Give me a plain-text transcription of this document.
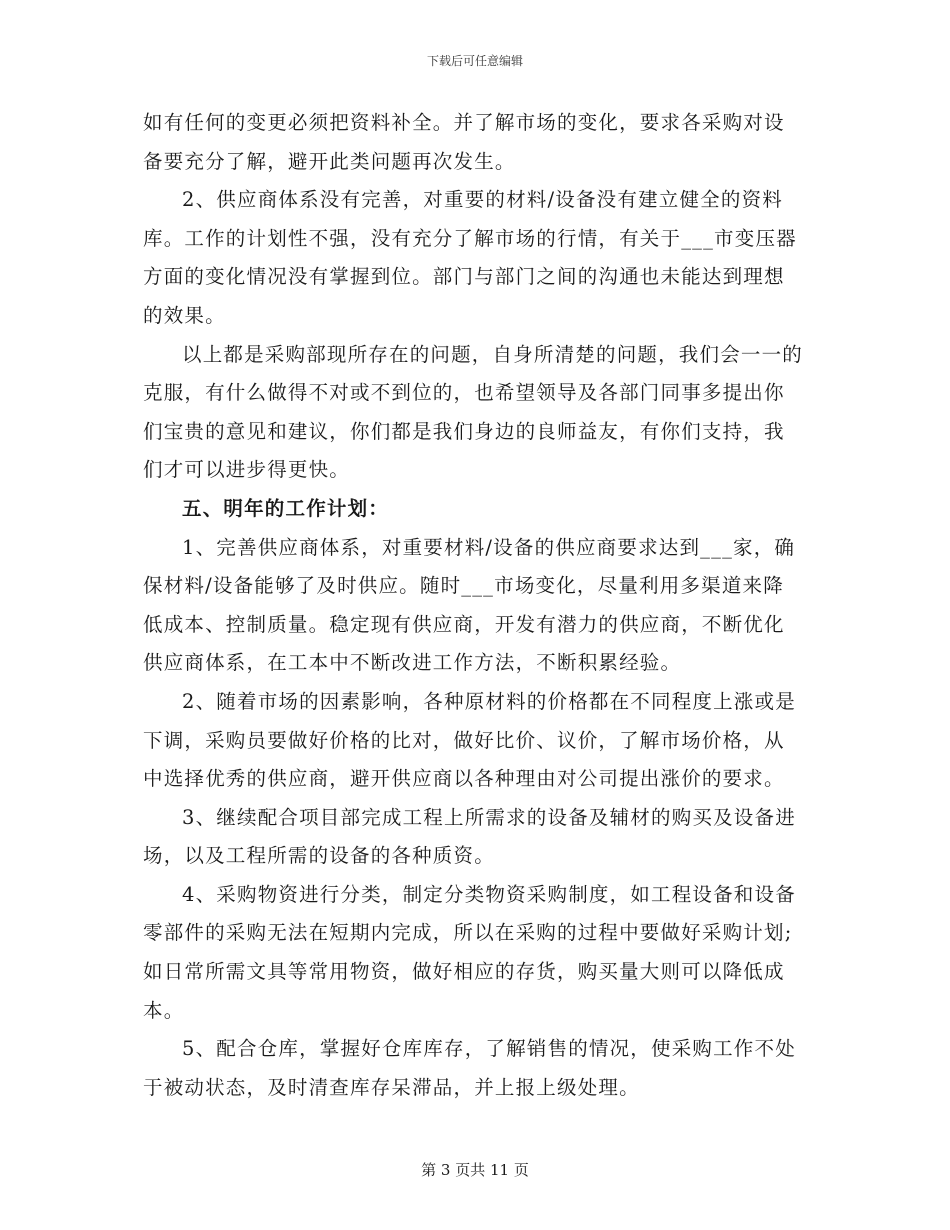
下载后可任意编辑

如有任何的变更必须把资料补全。并了解市场的变化，要求各采购对设备要充分了解，避开此类问题再次发生。

2、供应商体系没有完善，对重要的材料/设备没有建立健全的资料库。工作的计划性不强，没有充分了解市场的行情，有关于___市变压器方面的变化情况没有掌握到位。部门与部门之间的沟通也未能达到理想的效果。

以上都是采购部现所存在的问题，自身所清楚的问题，我们会一一的克服，有什么做得不对或不到位的，也希望领导及各部门同事多提出你们宝贵的意见和建议，你们都是我们身边的良师益友，有你们支持，我们才可以进步得更快。

五、明年的工作计划：

1、完善供应商体系，对重要材料/设备的供应商要求达到___家，确保材料/设备能够了及时供应。随时___市场变化，尽量利用多渠道来降低成本、控制质量。稳定现有供应商，开发有潜力的供应商，不断优化供应商体系，在工本中不断改进工作方法，不断积累经验。

2、随着市场的因素影响，各种原材料的价格都在不同程度上涨或是下调，采购员要做好价格的比对，做好比价、议价，了解市场价格，从中选择优秀的供应商，避开供应商以各种理由对公司提出涨价的要求。

3、继续配合项目部完成工程上所需求的设备及辅材的购买及设备进场，以及工程所需的设备的各种质资。

4、采购物资进行分类，制定分类物资采购制度，如工程设备和设备零部件的采购无法在短期内完成，所以在采购的过程中要做好采购计划;如日常所需文具等常用物资，做好相应的存货，购买量大则可以降低成本。

5、配合仓库，掌握好仓库库存，了解销售的情况，使采购工作不处于被动状态，及时清查库存呆滞品，并上报上级处理。

第 3 页共 11 页
